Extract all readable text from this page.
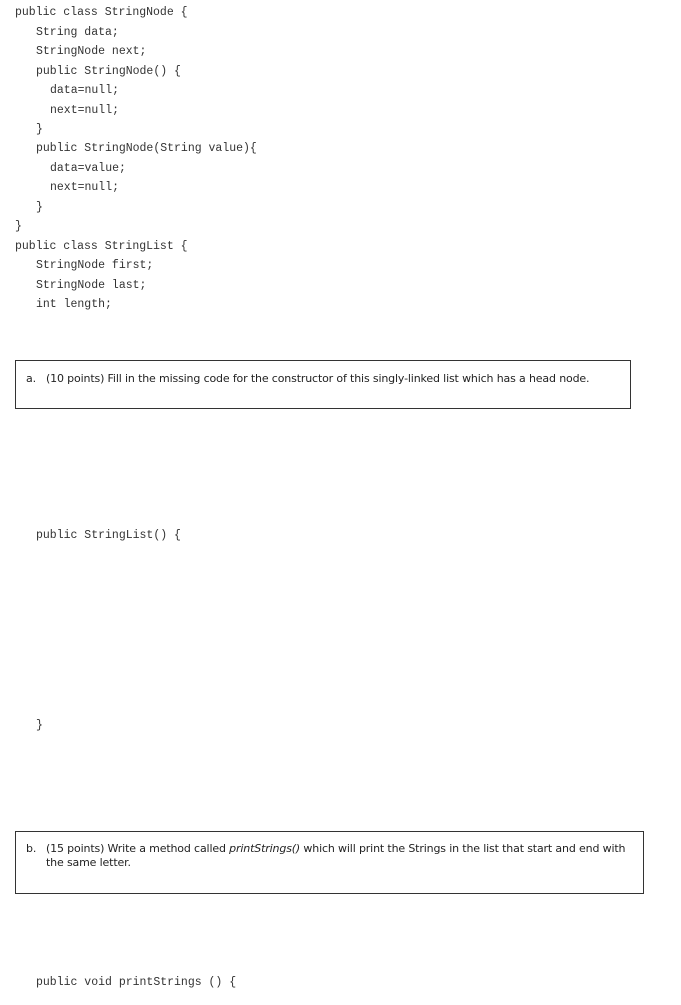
public class StringNode {
String data;
StringNode next;
public StringNode() {
data=null;
next=null;
}
public StringNode(String value){
data=value;
next=null;
}
}
public class StringList {
StringNode first;
StringNode last;
int length;
a. (10 points) Fill in the missing code for the constructor of this singly-linked list which has a head node.
public StringList() {
}
b. (15 points) Write a method called printStrings() which will print the Strings in the list that start and end with
the same letter.
public void printStrings () {
